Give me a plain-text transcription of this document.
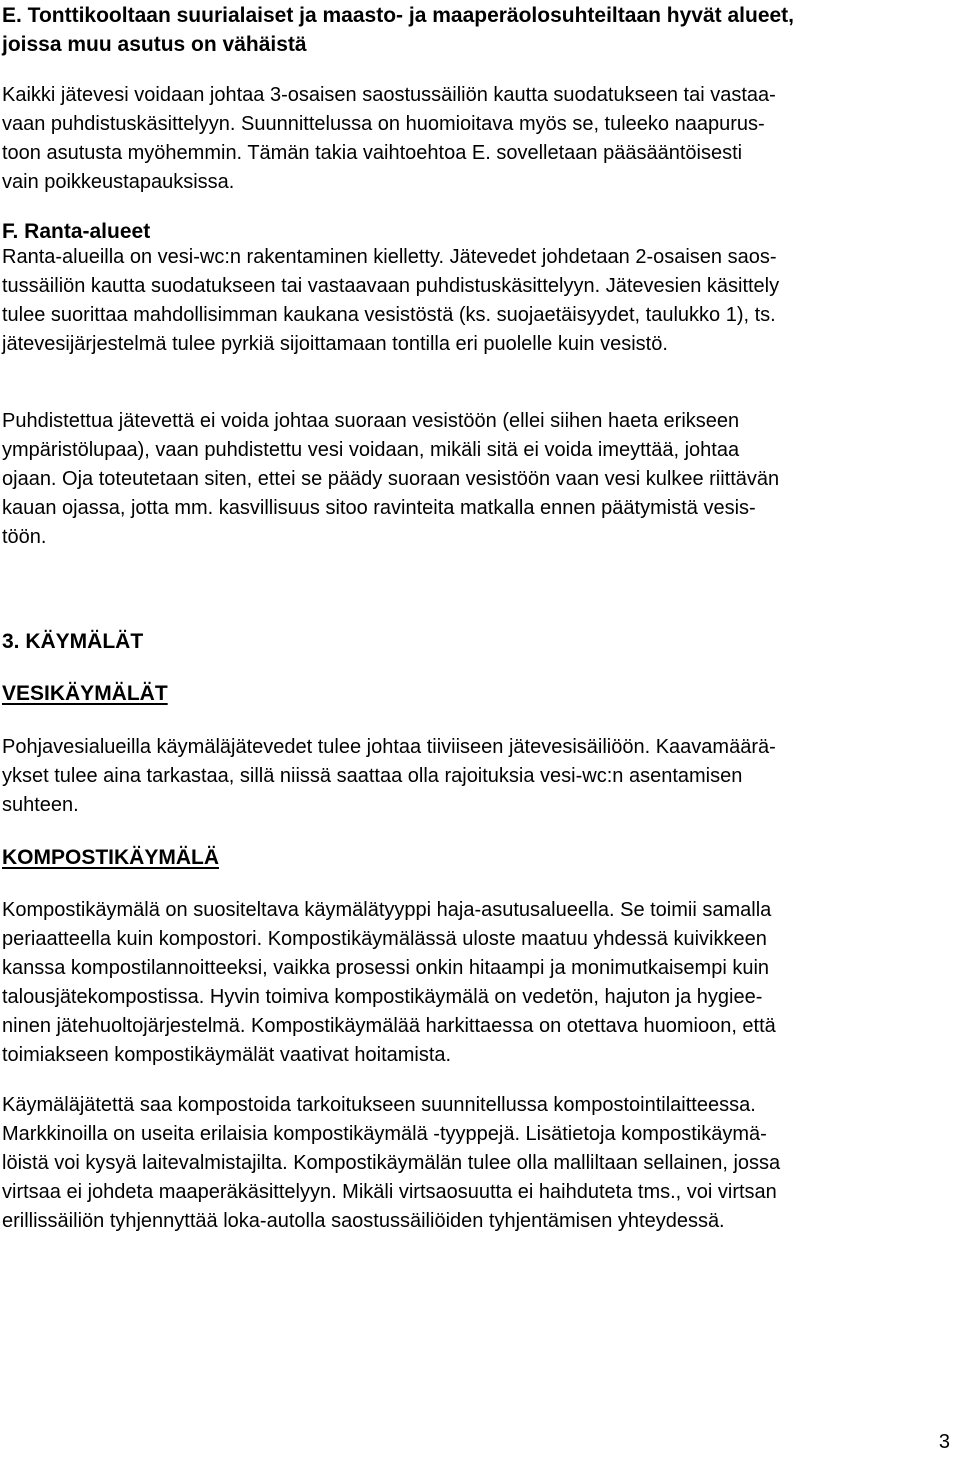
E. Tonttikooltaan suurialaiset ja maasto- ja maaperäolosuhteiltaan hyvät alueet,
joissa muu asutus on vähäistä
Kaikki jätevesi voidaan johtaa 3-osaisen saostussäiliön kautta suodatukseen tai vastaa-
vaan puhdistuskäsittelyyn. Suunnittelussa on huomioitava myös se, tuleeko naapurus-
toon asutusta myöhemmin. Tämän takia vaihtoehtoa E. sovelletaan pääsääntöisesti
vain poikkeustapauksissa.
F. Ranta-alueet
Ranta-alueilla on vesi-wc:n rakentaminen kielletty. Jätevedet johdetaan 2-osaisen saos-
tussäiliön kautta suodatukseen tai vastaavaan puhdistuskäsittelyyn. Jätevesien käsittely
tulee suorittaa mahdollisimman kaukana vesistöstä (ks. suojaetäisyydet, taulukko 1), ts.
jätevesijärjestelmä tulee pyrkiä sijoittamaan tontilla eri puolelle kuin vesistö.
Puhdistettua jätevettä ei voida johtaa suoraan vesistöön (ellei siihen haeta erikseen
ympäristölupaa), vaan puhdistettu vesi voidaan, mikäli sitä ei voida imeyttää, johtaa
ojaan. Oja toteutetaan siten, ettei se päädy suoraan vesistöön vaan vesi kulkee riittävän
kauan ojassa, jotta mm. kasvillisuus sitoo ravinteita matkalla ennen päätymistä vesis-
töön.
3. KÄYMÄLÄT
VESIKÄYMÄLÄT
Pohjavesialueilla käymäläjätevedet tulee johtaa tiiviiseen jätevesisäiliöön. Kaavamäärä-
ykset tulee aina tarkastaa, sillä niissä saattaa olla rajoituksia vesi-wc:n asentamisen
suhteen.
KOMPOSTIKÄYMÄLÄ
Kompostikäymälä on suositeltava käymälätyyppi haja-asutusalueella. Se toimii samalla
periaatteella kuin kompostori. Kompostikäymälässä uloste maatuu yhdessä kuivikkeen
kanssa kompostilannoitteeksi, vaikka prosessi onkin hitaampi ja monimutkaisempi kuin
talousjätekompostissa. Hyvin toimiva kompostikäymälä on vedetön, hajuton ja hygiee-
ninen jätehuoltojärjestelmä. Kompostikäymälää harkittaessa on otettava huomioon, että
toimiakseen kompostikäymälät vaativat hoitamista.
Käymäläjätettä saa kompostoida tarkoitukseen suunnitellussa kompostointilaitteessa.
Markkinoilla on useita erilaisia kompostikäymälä -tyyppejä. Lisätietoja kompostikäymä-
löistä voi kysyä laitevalmistajilta. Kompostikäymälän tulee olla malliltaan sellainen, jossa
virtsaa ei johdeta maaperäkäsittelyyn. Mikäli virtsaosuutta ei haihduteta tms., voi virtsan
erillissäiliön tyhjennyttää loka-autolla saostussäiliöiden tyhjentämisen yhteydessä.
3
